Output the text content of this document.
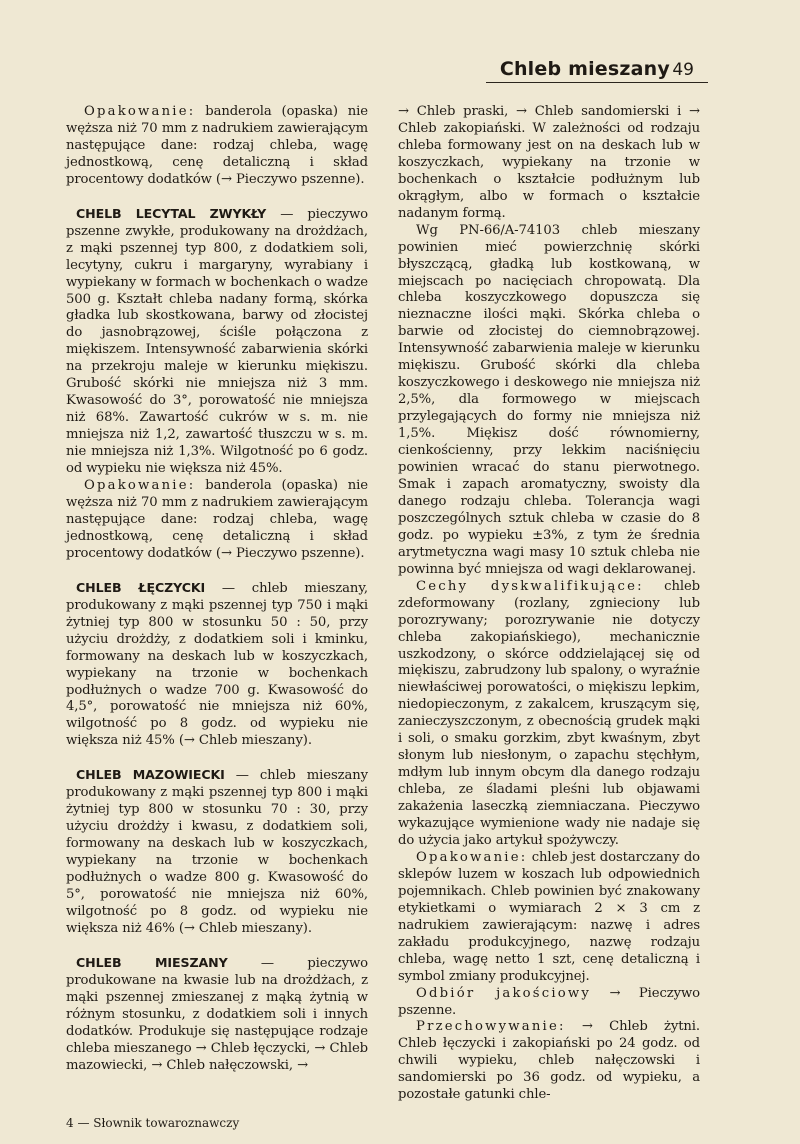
Chleb mieszany 49

Opakowanie: banderola (opaska) nie węższa niż 70 mm z nadrukiem zawierającym następujące dane: rodzaj chleba, wagę jednostkową, cenę detaliczną i skład procentowy dodatków (→ Pieczywo pszenne).

CHELB LECYTAL ZWYKŁY — pieczywo pszenne zwykłe, produkowany na drożdżach, z mąki pszennej typ 800, z dodatkiem soli, lecytyny, cukru i margaryny, wyrabiany i wypiekany w formach w bochenkach o wadze 500 g. Kształt chleba nadany formą, skórka gładka lub skostkowana, barwy od złocistej do jasnobrązowej, ściśle połączona z miękiszem. Intensywność zabarwienia skórki na przekroju maleje w kierunku miękiszu. Grubość skórki nie mniejsza niż 3 mm. Kwasowość do 3°, porowatość nie mniejsza niż 68%. Zawartość cukrów w s. m. nie mniejsza niż 1,2, zawartość tłuszczu w s. m. nie mniejsza niż 1,3%. Wilgotność po 6 godz. od wypieku nie większa niż 45%.

Opakowanie: banderola (opaska) nie węższa niż 70 mm z nadrukiem zawierającym następujące dane: rodzaj chleba, wagę jednostkową, cenę detaliczną i skład procentowy dodatków (→ Pieczywo pszenne).

CHLEB ŁĘCZYCKI — chleb mieszany, produkowany z mąki pszennej typ 750 i mąki żytniej typ 800 w stosunku 50 : 50, przy użyciu drożdży, z dodatkiem soli i kminku, formowany na deskach lub w koszyczkach, wypiekany na trzonie w bochenkach podłużnych o wadze 700 g. Kwasowość do 4,5°, porowatość nie mniejsza niż 60%, wilgotność po 8 godz. od wypieku nie większa niż 45% (→ Chleb mieszany).

CHLEB MAZOWIECKI — chleb mieszany produkowany z mąki pszennej typ 800 i mąki żytniej typ 800 w stosunku 70 : 30, przy użyciu drożdży i kwasu, z dodatkiem soli, formowany na deskach lub w koszyczkach, wypiekany na trzonie w bochenkach podłużnych o wadze 800 g. Kwasowość do 5°, porowatość nie mniejsza niż 60%, wilgotność po 8 godz. od wypieku nie większa niż 46% (→ Chleb mieszany).

CHLEB MIESZANY — pieczywo produkowane na kwasie lub na drożdżach, z mąki pszennej zmieszanej z mąką żytnią w różnym stosunku, z dodatkiem soli i innych dodatków. Produkuje się następujące rodzaje chleba mieszanego → Chleb łęczycki, → Chleb mazowiecki, → Chleb nałęczowski, →

→ Chleb praski, → Chleb sandomierski i → Chleb zakopiański. W zależności od rodzaju chleba formowany jest on na deskach lub w koszyczkach, wypiekany na trzonie w bochenkach o kształcie podłużnym lub okrągłym, albo w formach o kształcie nadanym formą.

Wg PN-66/A-74103 chleb mieszany powinien mieć powierzchnię skórki błyszczącą, gładką lub kostkowaną, w miejscach po nacięciach chropowatą. Dla chleba koszyczkowego dopuszcza się nieznaczne ilości mąki. Skórka chleba o barwie od złocistej do ciemnobrązowej. Intensywność zabarwienia maleje w kierunku miękiszu. Grubość skórki dla chleba koszyczkowego i deskowego nie mniejsza niż 2,5%, dla formowego w miejscach przylegających do formy nie mniejsza niż 1,5%. Miękisz dość równomierny, cienkościenny, przy lekkim naciśnięciu powinien wracać do stanu pierwotnego. Smak i zapach aromatyczny, swoisty dla danego rodzaju chleba. Tolerancja wagi poszczególnych sztuk chleba w czasie do 8 godz. po wypieku ±3%, z tym że średnia arytmetyczna wagi masy 10 sztuk chleba nie powinna być mniejsza od wagi deklarowanej.

Cechy dyskwalifikujące: chleb zdeformowany (rozlany, zgnieciony lub porozrywany; porozrywanie nie dotyczy chleba zakopiańskiego), mechanicznie uszkodzony, o skórce oddzielającej się od miękiszu, zabrudzony lub spalony, o wyraźnie niewłaściwej porowatości, o miękiszu lepkim, niedopieczonym, z zakalcem, kruszącym się, zanieczyszczonym, z obecnością grudek mąki i soli, o smaku gorzkim, zbyt kwaśnym, zbyt słonym lub niesłonym, o zapachu stęchłym, mdłym lub innym obcym dla danego rodzaju chleba, ze śladami pleśni lub objawami zakażenia laseczką ziemniaczana. Pieczywo wykazujące wymienione wady nie nadaje się do użycia jako artykuł spożywczy.

Opakowanie: chleb jest dostarczany do sklepów luzem w koszach lub odpowiednich pojemnikach. Chleb powinien być znakowany etykietkami o wymiarach 2 × 3 cm z nadrukiem zawierającym: nazwę i adres zakładu produkcyjnego, nazwę rodzaju chleba, wagę netto 1 szt, cenę detaliczną i symbol zmiany produkcyjnej.

Odbiór jakościowy → Pieczywo pszenne.

Przechowywanie: → Chleb żytni. Chleb łęczycki i zakopiański po 24 godz. od chwili wypieku, chleb nałęczowski i sandomierski po 36 godz. od wypieku, a pozostałe gatunki chle-

4 — Słownik towaroznawczy
